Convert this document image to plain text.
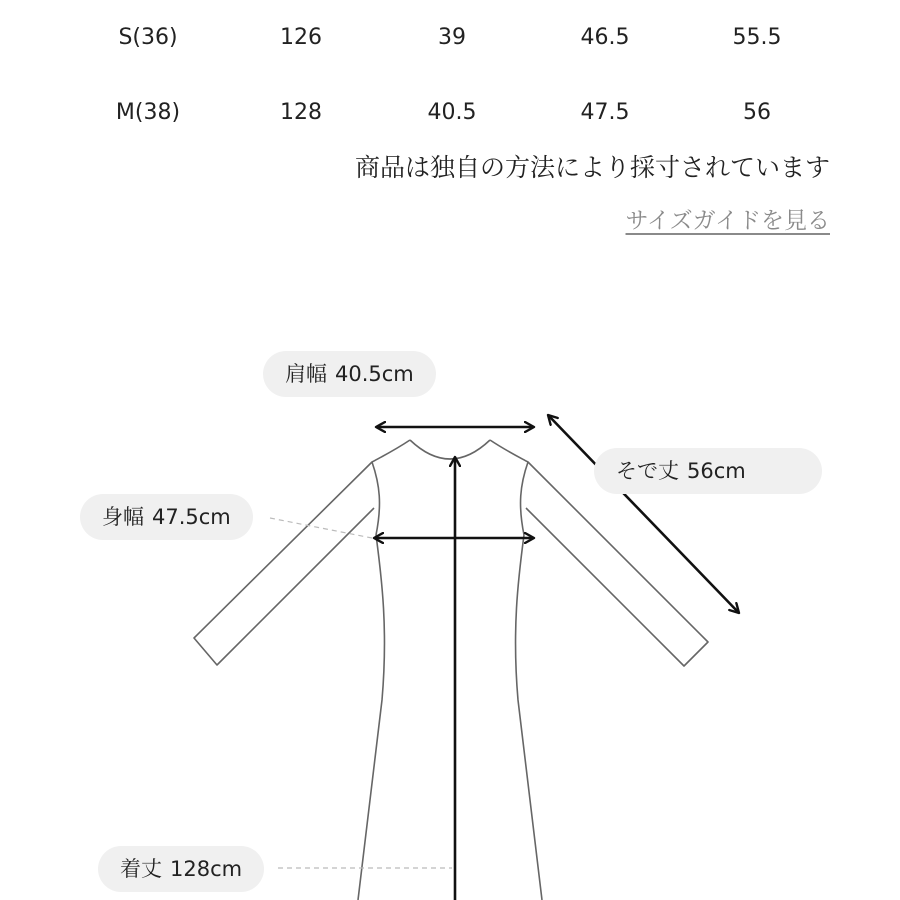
S(36)	126	39	46.5	55.5
M(38)	128	40.5	47.5	56
商品は独自の方法により採寸されています
サイズガイドを見る
肩幅 40.5cm
そで丈 56cm
身幅 47.5cm
着丈 128cm
